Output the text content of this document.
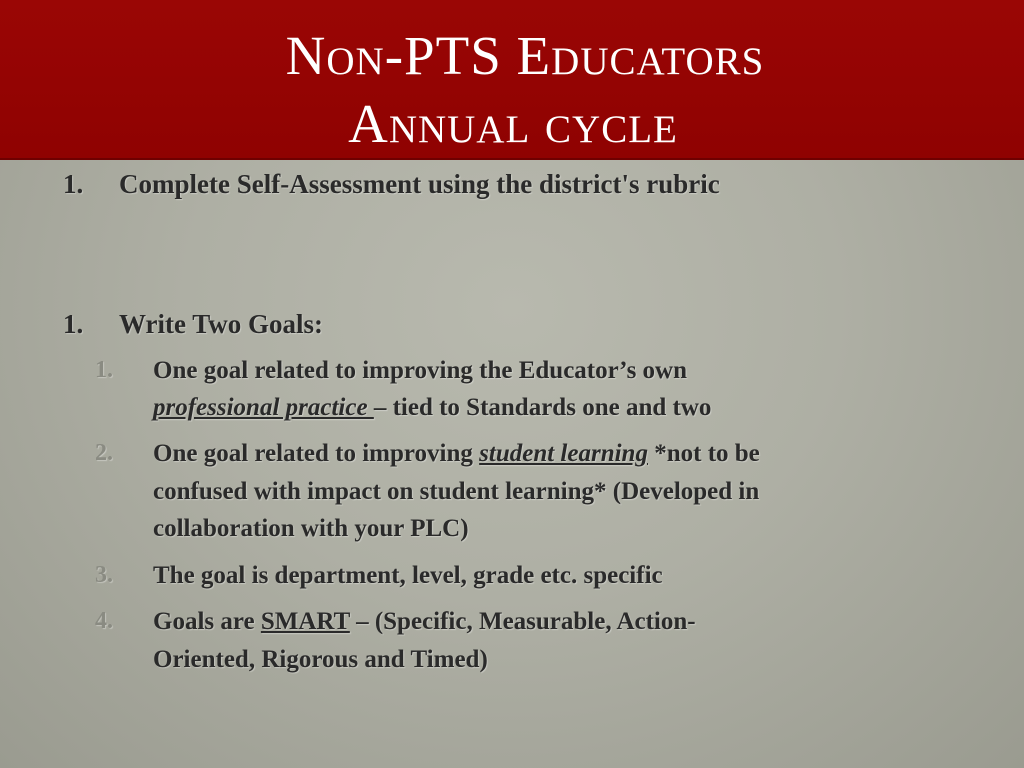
Non-PTS Educators
Annual cycle
1. Complete Self-Assessment using the district's rubric
1. Write Two Goals:
1. One goal related to improving the Educator’s own
professional practice – tied to Standards one and two
2. One goal related to improving student learning *not to be
confused with impact on student learning* (Developed in
collaboration with your PLC)
3. The goal is department, level, grade etc. specific
4. Goals are SMART – (Specific, Measurable, Action-
Oriented, Rigorous and Timed)
